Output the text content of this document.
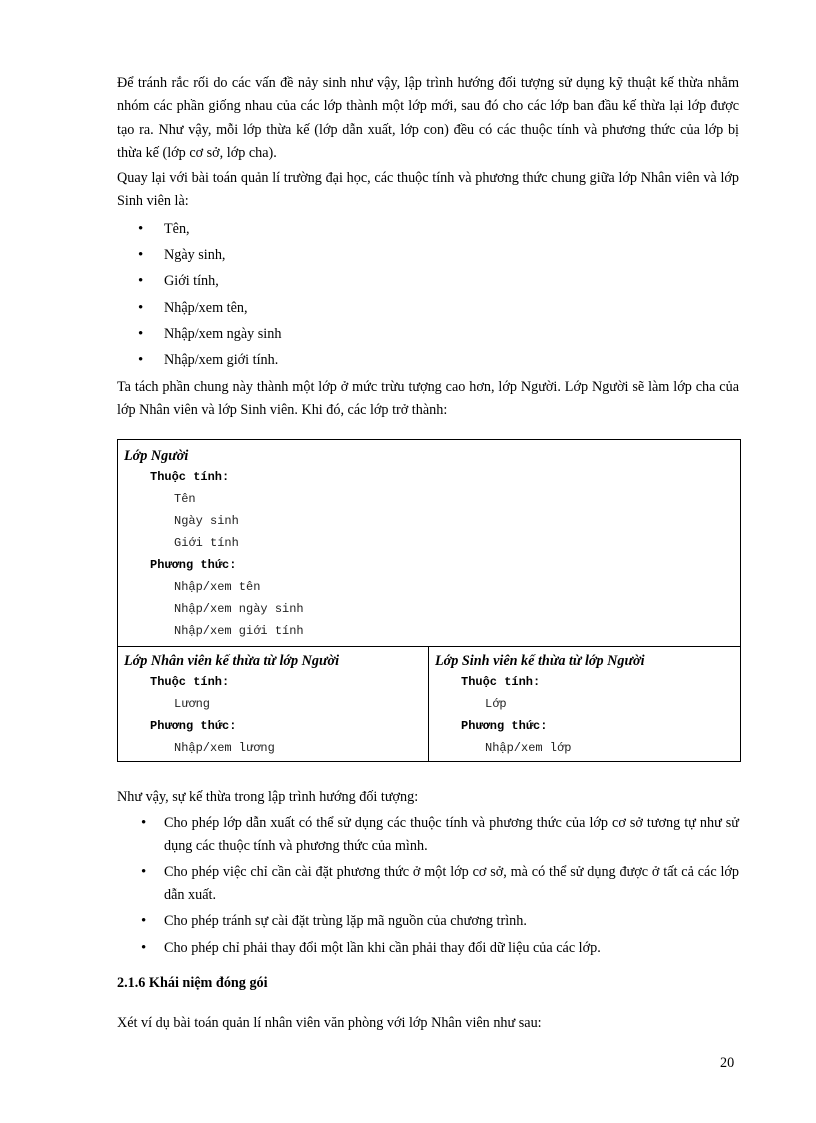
Để tránh rắc rối do các vấn đề nảy sinh như vậy, lập trình hướng đối tượng sử dụng kỹ thuật kế thừa nhằm nhóm các phần giống nhau của các lớp thành một lớp mới, sau đó cho các lớp ban đầu kế thừa lại lớp được tạo ra. Như vậy, mỗi lớp thừa kế (lớp dẫn xuất, lớp con) đều có các thuộc tính và phương thức của lớp bị thừa kế (lớp cơ sở, lớp cha).

Quay lại với bài toán quản lí trường đại học, các thuộc tính và phương thức chung giữa lớp Nhân viên và lớp Sinh viên là:

• Tên,
• Ngày sinh,
• Giới tính,
• Nhập/xem tên,
• Nhập/xem ngày sinh
• Nhập/xem giới tính.

Ta tách phần chung này thành một lớp ở mức trừu tượng cao hơn, lớp Người. Lớp Người sẽ làm lớp cha của lớp Nhân viên và lớp Sinh viên. Khi đó, các lớp trở thành:

Lớp Người
Thuộc tính:
Tên
Ngày sinh
Giới tính
Phương thức:
Nhập/xem tên
Nhập/xem ngày sinh
Nhập/xem giới tính

Lớp Nhân viên kế thừa từ lớp Người
Thuộc tính:
Lương
Phương thức:
Nhập/xem lương

Lớp Sinh viên kế thừa từ lớp Người
Thuộc tính:
Lớp
Phương thức:
Nhập/xem lớp

Như vậy, sự kế thừa trong lập trình hướng đối tượng:

• Cho phép lớp dẫn xuất có thể sử dụng các thuộc tính và phương thức của lớp cơ sở tương tự như sử dụng các thuộc tính và phương thức của mình.
• Cho phép việc chỉ cần cài đặt phương thức ở một lớp cơ sở, mà có thể sử dụng được ở tất cả các lớp dẫn xuất.
• Cho phép tránh sự cài đặt trùng lặp mã nguồn của chương trình.
• Cho phép chỉ phải thay đổi một lần khi cần phải thay đổi dữ liệu của các lớp.
2.1.6 Khái niệm đóng gói

Xét ví dụ bài toán quản lí nhân viên văn phòng với lớp Nhân viên như sau:

20
